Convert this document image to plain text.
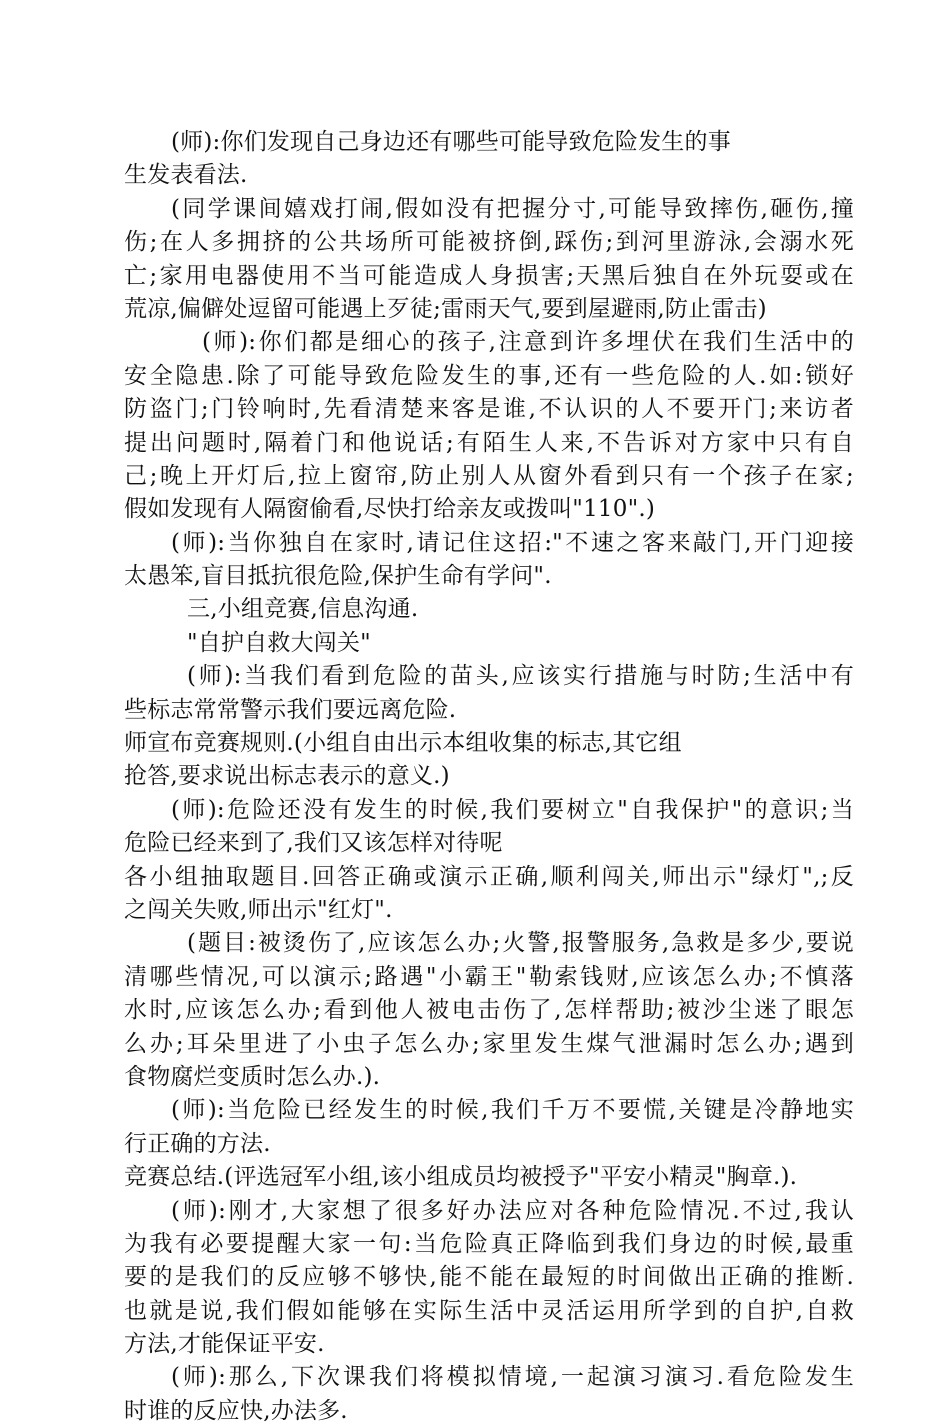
(师):你们发现自己身边还有哪些可能导致危险发生的事
生发表看法.
(同学课间嬉戏打闹,假如没有把握分寸,可能导致摔伤,砸伤,撞
伤;在人多拥挤的公共场所可能被挤倒,踩伤;到河里游泳,会溺水死
亡;家用电器使用不当可能造成人身损害;天黑后独自在外玩耍或在
荒凉,偏僻处逗留可能遇上歹徒;雷雨天气,要到屋避雨,防止雷击)
(师):你们都是细心的孩子,注意到许多埋伏在我们生活中的
安全隐患.除了可能导致危险发生的事,还有一些危险的人.如:锁好
防盗门;门铃响时,先看清楚来客是谁,不认识的人不要开门;来访者
提出问题时,隔着门和他说话;有陌生人来,不告诉对方家中只有自
己;晚上开灯后,拉上窗帘,防止别人从窗外看到只有一个孩子在家;
假如发现有人隔窗偷看,尽快打给亲友或拨叫"110".)
(师):当你独自在家时,请记住这招:"不速之客来敲门,开门迎接
太愚笨,盲目抵抗很危险,保护生命有学问".
三,小组竞赛,信息沟通.
"自护自救大闯关"
(师):当我们看到危险的苗头,应该实行措施与时防;生活中有
些标志常常警示我们要远离危险.
师宣布竞赛规则.(小组自由出示本组收集的标志,其它组
抢答,要求说出标志表示的意义.)
(师):危险还没有发生的时候,我们要树立"自我保护"的意识;当
危险已经来到了,我们又该怎样对待呢
各小组抽取题目.回答正确或演示正确,顺利闯关,师出示"绿灯",;反
之闯关失败,师出示"红灯".
(题目:被烫伤了,应该怎么办;火警,报警服务,急救是多少,要说
清哪些情况,可以演示;路遇"小霸王"勒索钱财,应该怎么办;不慎落
水时,应该怎么办;看到他人被电击伤了,怎样帮助;被沙尘迷了眼怎
么办;耳朵里进了小虫子怎么办;家里发生煤气泄漏时怎么办;遇到
食物腐烂变质时怎么办.).
(师):当危险已经发生的时候,我们千万不要慌,关键是冷静地实
行正确的方法.
竞赛总结.(评选冠军小组,该小组成员均被授予"平安小精灵"胸章.).
(师):刚才,大家想了很多好办法应对各种危险情况.不过,我认
为我有必要提醒大家一句:当危险真正降临到我们身边的时候,最重
要的是我们的反应够不够快,能不能在最短的时间做出正确的推断.
也就是说,我们假如能够在实际生活中灵活运用所学到的自护,自救
方法,才能保证平安.
(师):那么,下次课我们将模拟情境,一起演习演习.看危险发生
时谁的反应快,办法多.
